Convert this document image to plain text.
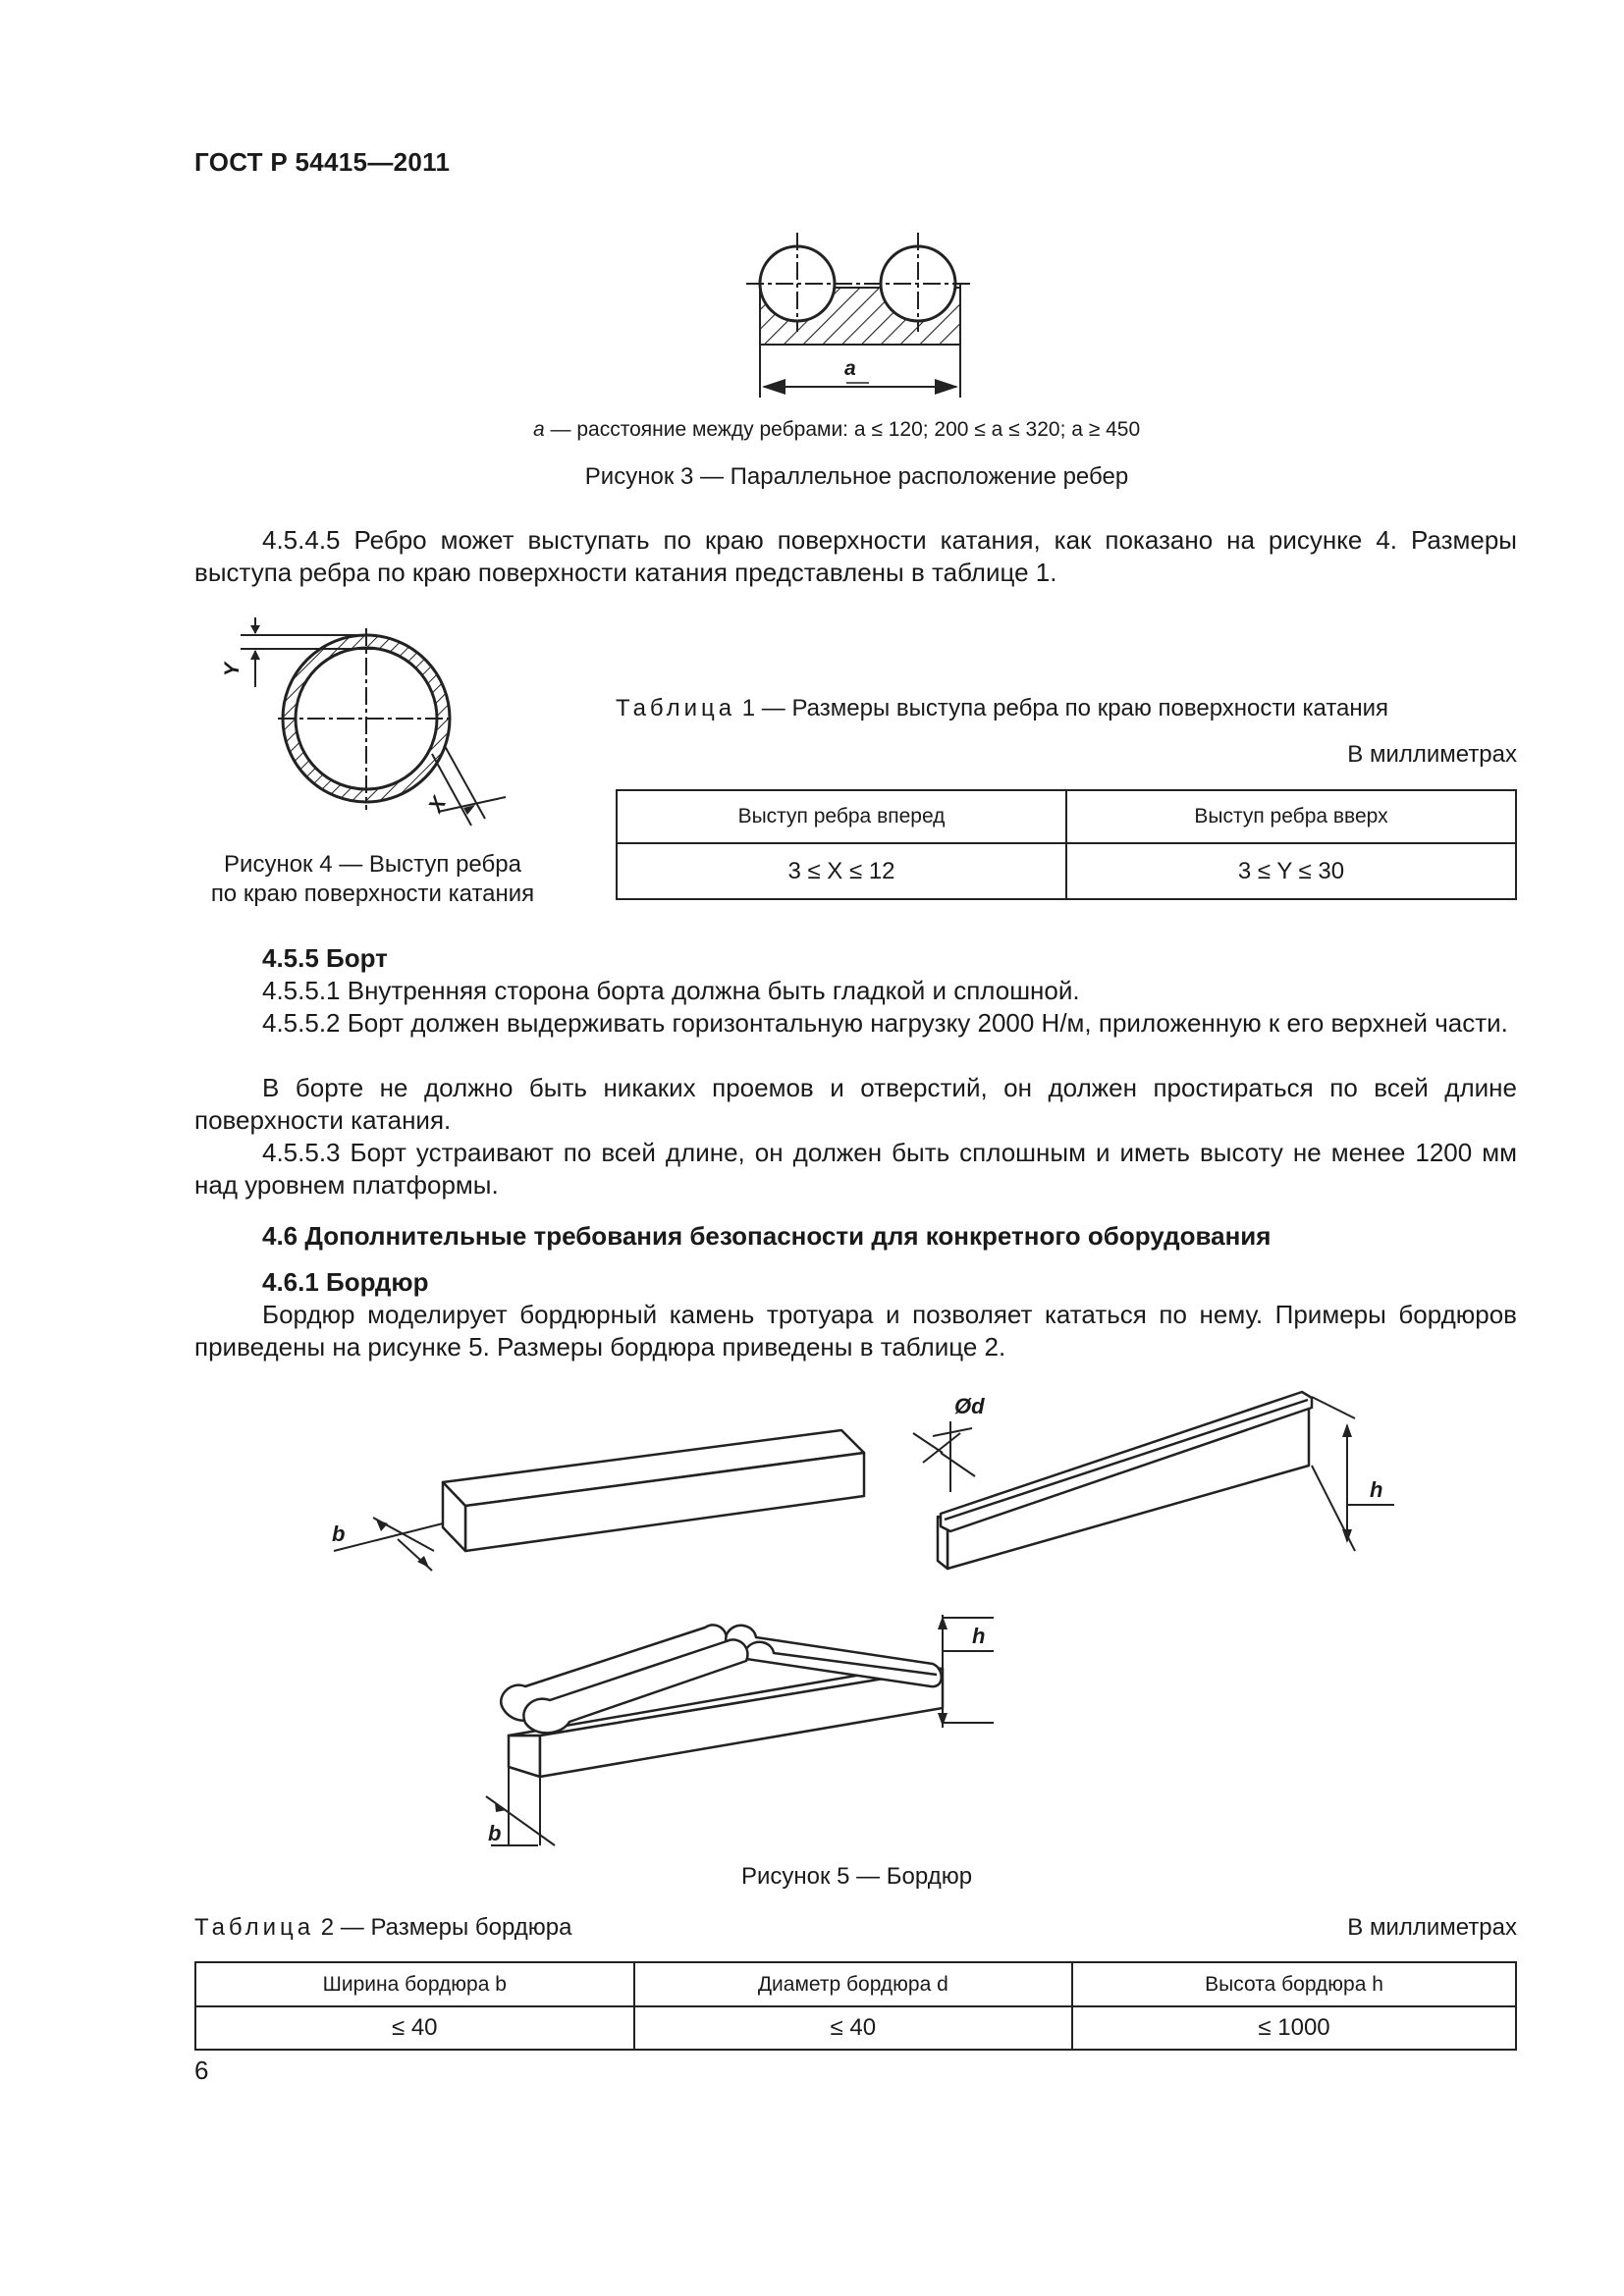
ГОСТ Р 54415—2011
a
a — расстояние между ребрами: a ≤ 120; 200 ≤ a ≤ 320; a ≥ 450
Рисунок 3 — Параллельное расположение ребер
4.5.4.5 Ребро может выступать по краю поверхности катания, как показано на рисунке 4. Размеры выступа ребра по краю поверхности катания представлены в таблице 1.
Y
X
Рисунок 4 — Выступ ребра
по краю поверхности катания
Таблица 1 — Размеры выступа ребра по краю поверхности катания
В миллиметрах
Выступ ребра вперед	Выступ ребра вверх
3 ≤ X ≤ 12	3 ≤ Y ≤ 30
4.5.5 Борт
4.5.5.1 Внутренняя сторона борта должна быть гладкой и сплошной.
4.5.5.2 Борт должен выдерживать горизонтальную нагрузку 2000 Н/м, приложенную к его верхней части.
В борте не должно быть никаких проемов и отверстий, он должен простираться по всей длине поверхности катания.
4.5.5.3 Борт устраивают по всей длине, он должен быть сплошным и иметь высоту не менее 1200 мм над уровнем платформы.
4.6 Дополнительные требования безопасности для конкретного оборудования
4.6.1 Бордюр
Бордюр моделирует бордюрный камень тротуара и позволяет кататься по нему. Примеры бордюров приведены на рисунке 5. Размеры бордюра приведены в таблице 2.
b
Ød
h
h
b
Рисунок 5 — Бордюр
Таблица 2 — Размеры бордюра	В миллиметрах
Ширина бордюра b	Диаметр бордюра d	Высота бордюра h
≤ 40	≤ 40	≤ 1000
6
